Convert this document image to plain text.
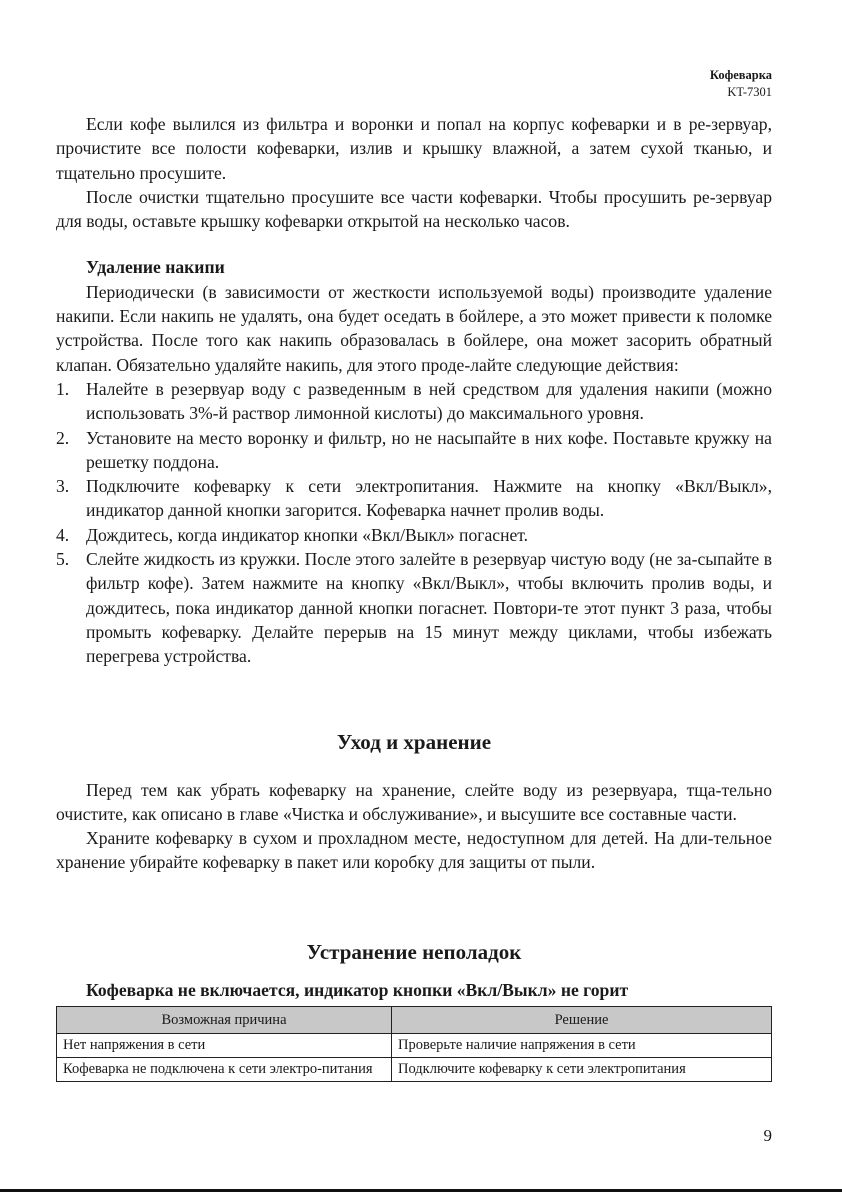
Кофеварка
KT-7301

Если кофе вылился из фильтра и воронки и попал на корпус кофеварки и в ре-зервуар, прочистите все полости кофеварки, излив и крышку влажной, а затем сухой тканью, и тщательно просушите.

После очистки тщательно просушите все части кофеварки. Чтобы просушить ре-зервуар для воды, оставьте крышку кофеварки открытой на несколько часов.

Удаление накипи

Периодически (в зависимости от жесткости используемой воды) производите удаление накипи. Если накипь не удалять, она будет оседать в бойлере, а это может привести к поломке устройства. После того как накипь образовалась в бойлере, она может засорить обратный клапан. Обязательно удаляйте накипь, для этого проде-лайте следующие действия:

1. Налейте в резервуар воду с разведенным в ней средством для удаления накипи (можно использовать 3%-й раствор лимонной кислоты) до максимального уровня.
2. Установите на место воронку и фильтр, но не насыпайте в них кофе. Поставьте кружку на решетку поддона.
3. Подключите кофеварку к сети электропитания. Нажмите на кнопку «Вкл/Выкл», индикатор данной кнопки загорится. Кофеварка начнет пролив воды.
4. Дождитесь, когда индикатор кнопки «Вкл/Выкл» погаснет.
5. Слейте жидкость из кружки. После этого залейте в резервуар чистую воду (не за-сыпайте в фильтр кофе). Затем нажмите на кнопку «Вкл/Выкл», чтобы включить пролив воды, и дождитесь, пока индикатор данной кнопки погаснет. Повтори-те этот пункт 3 раза, чтобы промыть кофеварку. Делайте перерыв на 15 минут между циклами, чтобы избежать перегрева устройства.
Уход и хранение

Перед тем как убрать кофеварку на хранение, слейте воду из резервуара, тща-тельно очистите, как описано в главе «Чистка и обслуживание», и высушите все составные части.

Храните кофеварку в сухом и прохладном месте, недоступном для детей. На дли-тельное хранение убирайте кофеварку в пакет или коробку для защиты от пыли.

Устранение неполадок

Кофеварка не включается, индикатор кнопки «Вкл/Выкл» не горит

Возможная причина	Решение
Нет напряжения в сети	Проверьте наличие напряжения в сети
Кофеварка не подключена к сети электро-питания	Подключите кофеварку к сети электропитания
9
